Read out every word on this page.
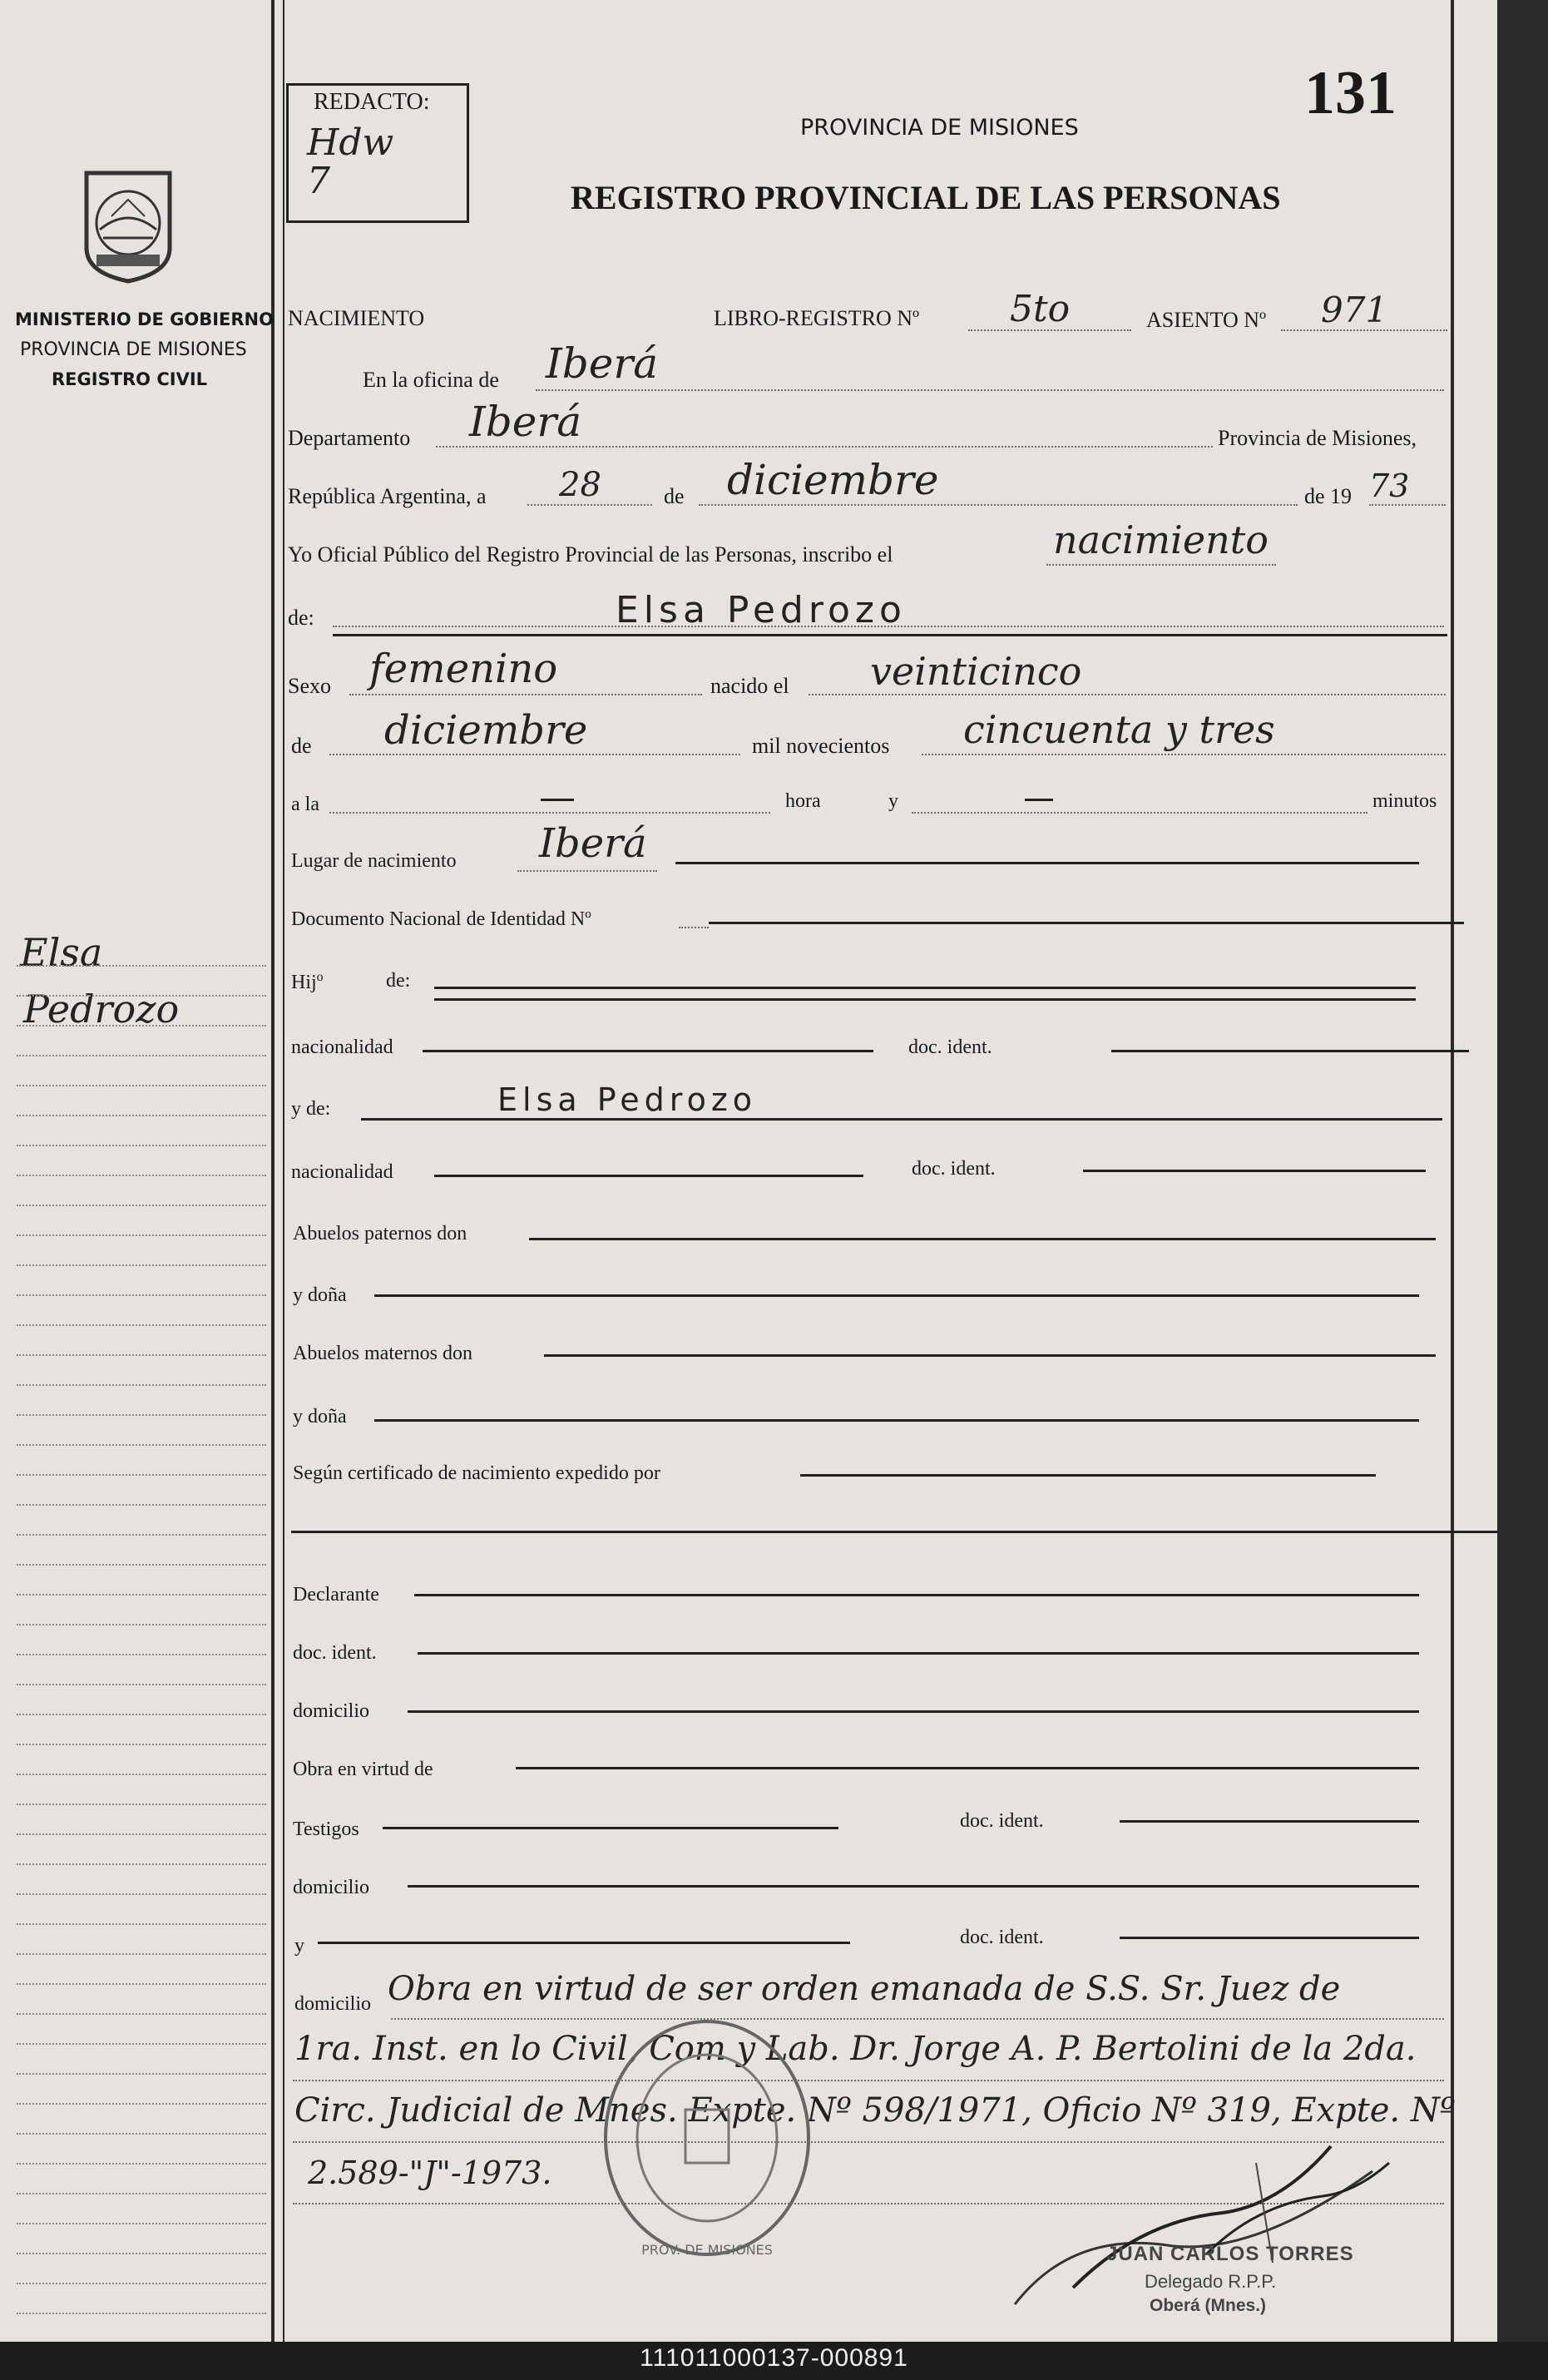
MINISTERIO DE GOBIERNO
PROVINCIA DE MISIONES
REGISTRO CIVIL
Elsa
Pedrozo
REDACTO:
Hdw
7
131
PROVINCIA DE MISIONES
REGISTRO PROVINCIAL DE LAS PERSONAS
NACIMIENTO	LIBRO-REGISTRO Nº 5to	ASIENTO Nº 971
En la oficina de Iberá
Departamento Iberá	Provincia de Misiones,
República Argentina, a 28	de diciembre	de 19 73
Yo Oficial Público del Registro Provincial de las Personas, inscribo el	nacimiento
de:	Elsa Pedrozo
Sexo femenino	nacido el veinticinco
de diciembre	mil novecientos cincuenta y tres
a la	hora	y	minutos
Lugar de nacimiento Iberá
Documento Nacional de Identidad Nº
Hij$^o$	de:
nacionalidad	doc. ident.
y de:	Elsa Pedrozo
nacionalidad	doc. ident.
Abuelos paternos don
y doña
Abuelos maternos don
y doña
Según certificado de nacimiento expedido por
Declarante
doc. ident.
domicilio
Obra en virtud de
Testigos	doc. ident.
domicilio
y	doc. ident.
domicilio Obra en virtud de ser orden emanada de S.S. Sr. Juez de
1ra. Inst. en lo Civil, Com y Lab. Dr. Jorge A. P. Bertolini de la 2da.
Circ. Judicial de Mnes. Expte. Nº 598/1971, Oficio Nº 319, Expte. Nº
2.589-"J"-1973.
PROV. DE MISIONES	JUAN CARLOS TORRES
Delegado R.P.P.
Oberá (Mnes.)
111011000137-000891
